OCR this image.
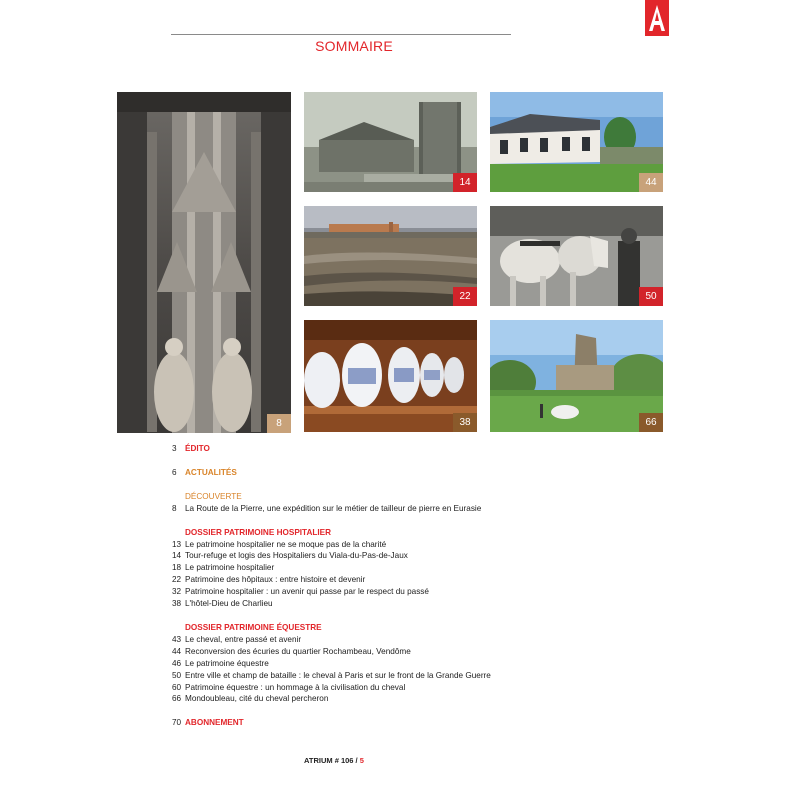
SOMMAIRE
8
14	44
22	50
38	66
3	ÉDITO
6	ACTUALITÉS
DÉCOUVERTE
8	La Route de la Pierre, une expédition sur le métier de tailleur de pierre en Eurasie
DOSSIER PATRIMOINE HOSPITALIER
13 Le patrimoine hospitalier ne se moque pas de la charité
14 Tour-refuge et logis des Hospitaliers du Viala-du-Pas-de-Jaux
18 Le patrimoine hospitalier
22 Patrimoine des hôpitaux : entre histoire et devenir
32 Patrimoine hospitalier : un avenir qui passe par le respect du passé
38 L'hôtel-Dieu de Charlieu
DOSSIER PATRIMOINE ÉQUESTRE
43 Le cheval, entre passé et avenir
44 Reconversion des écuries du quartier Rochambeau, Vendôme
46 Le patrimoine équestre
50 Entre ville et champ de bataille : le cheval à Paris et sur le front de la Grande Guerre
60 Patrimoine équestre : un hommage à la civilisation du cheval
66 Mondoubleau, cité du cheval percheron
70 ABONNEMENT
ATRIUM # 106 / 5
